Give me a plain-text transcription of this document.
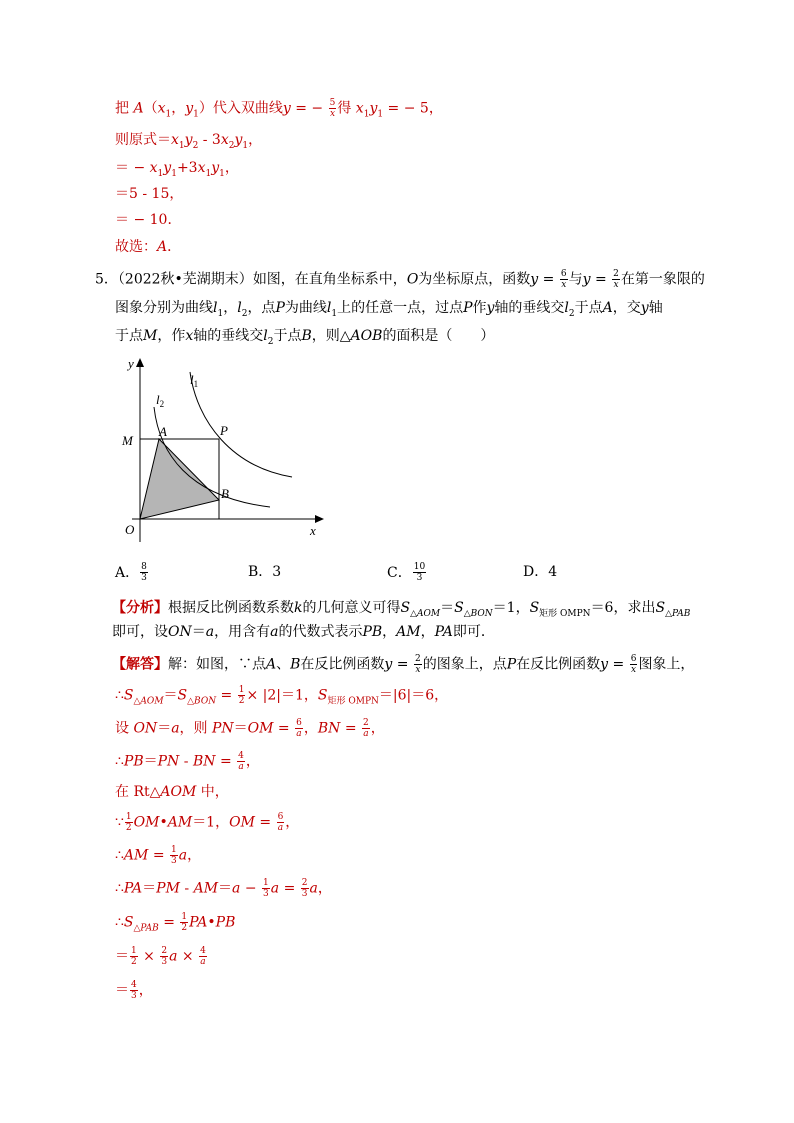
把 $A(x_1$，$y_1$）代入双曲线y = − $\frac{5}{x}$ 得 $x_1y_1$ = − 5，
则原式$=x_1y_2 - 3x_2y_1$，
＝ − $x_1y_1+3x_1y_1$，
＝5 - 15，
＝ − 10．
故选：A．
5．（2022秋•芜湖期末）如图，在直角坐标系中，O为坐标原点，函数$y = \frac{6}{x}$ 与$y = \frac{2}{x}$ 在第一象限的
图象分别为曲线$l_1$，$l_2$，点P为曲线$l_1$上的任意一点，过点P作y轴的垂线交$l_2$于点A，交y轴
于点M，作x轴的垂线交$l_2$于点B，则△AOB的面积是（　　）
y
x
O
M
A	P
B
$l_1$
$l_2$
A． $\frac{8}{3}$	B．3	C． $\frac{10}{3}$	D．4
【分析】根据反比例函数系数k的几何意义可得$S_{\triangle AOM}=S_{\triangle BON}=1$，$S_{矩形 OMPN}=6$，求出$S_{\triangle PAB}$
即可，设ON＝a，用含有a的代数式表示PB，AM，PA即可．
【解答】解：如图，∵点A、B在反比例函数$y = \frac{2}{x}$ 的图象上，点P在反比例函数$y = \frac{6}{x}$ 图象上，
$\therefore S_{\triangle AOM}=S_{\triangle BON} = \frac{1}{2} \times |2|=1$，$S_{矩形 OMPN}=|6|=6$，
设 ON＝a，则 $PN=OM = \frac{6}{a}$ ，BN = $\frac{2}{a}$ ，
∴PB＝PN - BN = $\frac{4}{a}$ ，
在 Rt△AOM 中，
∵ $\frac{1}{2}$ OM•AM＝1，OM = $\frac{6}{a}$ ，
∴AM = $\frac{1}{3}$ a，
∴PA＝PM - $AM=a - \frac{1}{3}$ $a = \frac{2}{3}$ a，
$\therefore S_{\triangle PAB} = \frac{1}{2}$ PA•PB
＝ $\frac{1}{2} \times \frac{2}{3}$ $a \times \frac{4}{a}$
＝ $\frac{4}{3}$ ，
